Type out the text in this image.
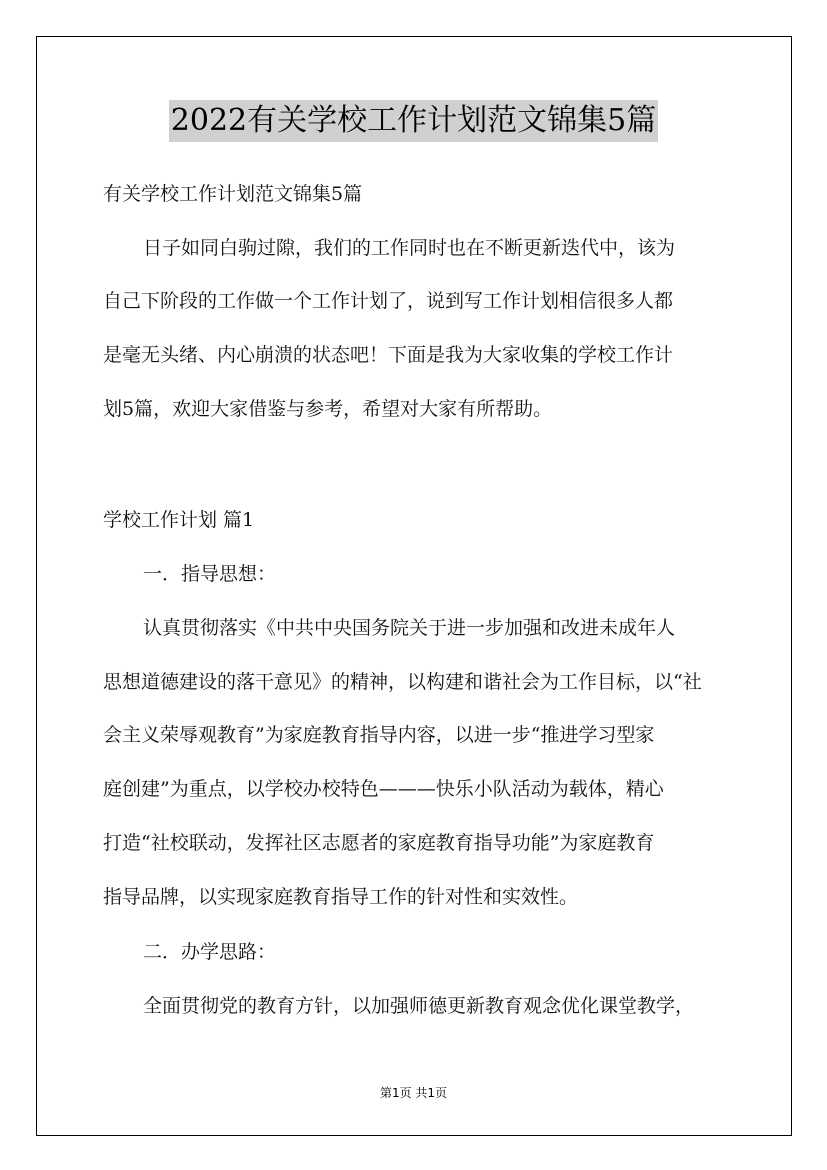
2022有关学校工作计划范文锦集5篇
有关学校工作计划范文锦集5篇
日子如同白驹过隙，我们的工作同时也在不断更新迭代中，该为
自己下阶段的工作做一个工作计划了，说到写工作计划相信很多人都
是毫无头绪、内心崩溃的状态吧！下面是我为大家收集的学校工作计
划5篇，欢迎大家借鉴与参考，希望对大家有所帮助。
学校工作计划 篇1
一．指导思想：
认真贯彻落实《中共中央国务院关于进一步加强和改进未成年人
思想道德建设的落干意见》的精神，以构建和谐社会为工作目标，以“社
会主义荣辱观教育”为家庭教育指导内容，以进一步“推进学习型家
庭创建”为重点，以学校办校特色———快乐小队活动为载体，精心
打造“社校联动，发挥社区志愿者的家庭教育指导功能”为家庭教育
指导品牌，以实现家庭教育指导工作的针对性和实效性。
二．办学思路：
全面贯彻党的教育方针，以加强师德更新教育观念优化课堂教学，
第1页 共1页
